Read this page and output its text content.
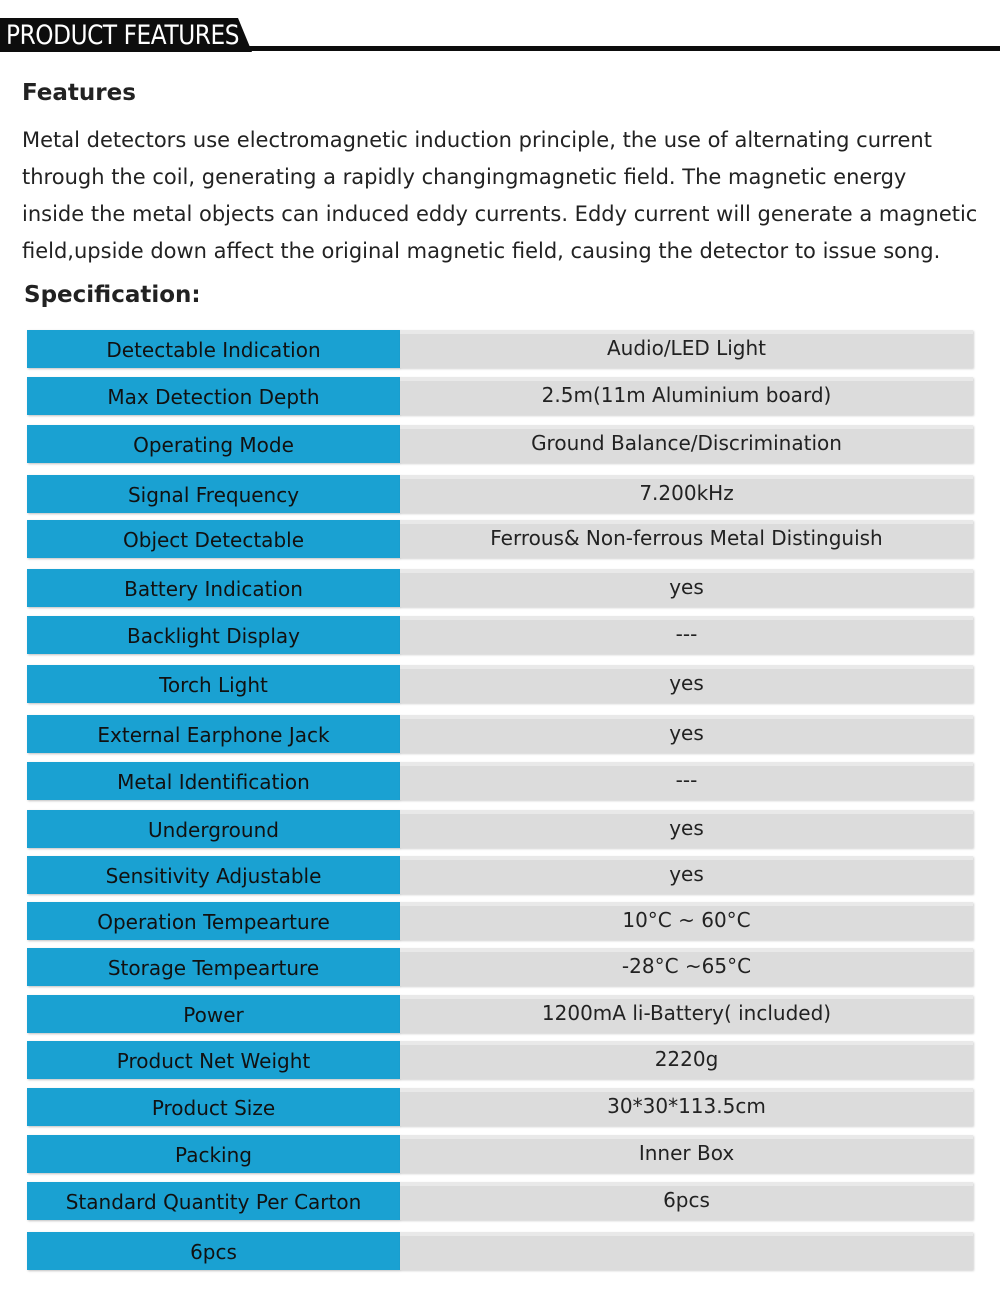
PRODUCT FEATURES
Features
Metal detectors use electromagnetic induction principle, the use of alternating current
through the coil, generating a rapidly changingmagnetic field. The magnetic energy
inside the metal objects can induced eddy currents. Eddy current will generate a magnetic
field,upside down affect the original magnetic field, causing the detector to issue song.
Specification:
Detectable Indication	Audio/LED Light
Max Detection Depth	2.5m(11m Aluminium board)
Operating Mode	Ground Balance/Discrimination
Signal Frequency	7.200kHz
Object Detectable	Ferrous& Non-ferrous Metal Distinguish
Battery Indication	yes
Backlight Display	---
Torch Light	yes
External Earphone Jack	yes
Metal Identification	---
Underground	yes
Sensitivity Adjustable	yes
Operation Tempearture	10°C ~ 60°C
Storage Tempearture	-28°C ~65°C
Power	1200mA li-Battery( included)
Product Net Weight	2220g
Product Size	30*30*113.5cm
Packing	Inner Box
Standard Quantity Per Carton	6pcs
6pcs
